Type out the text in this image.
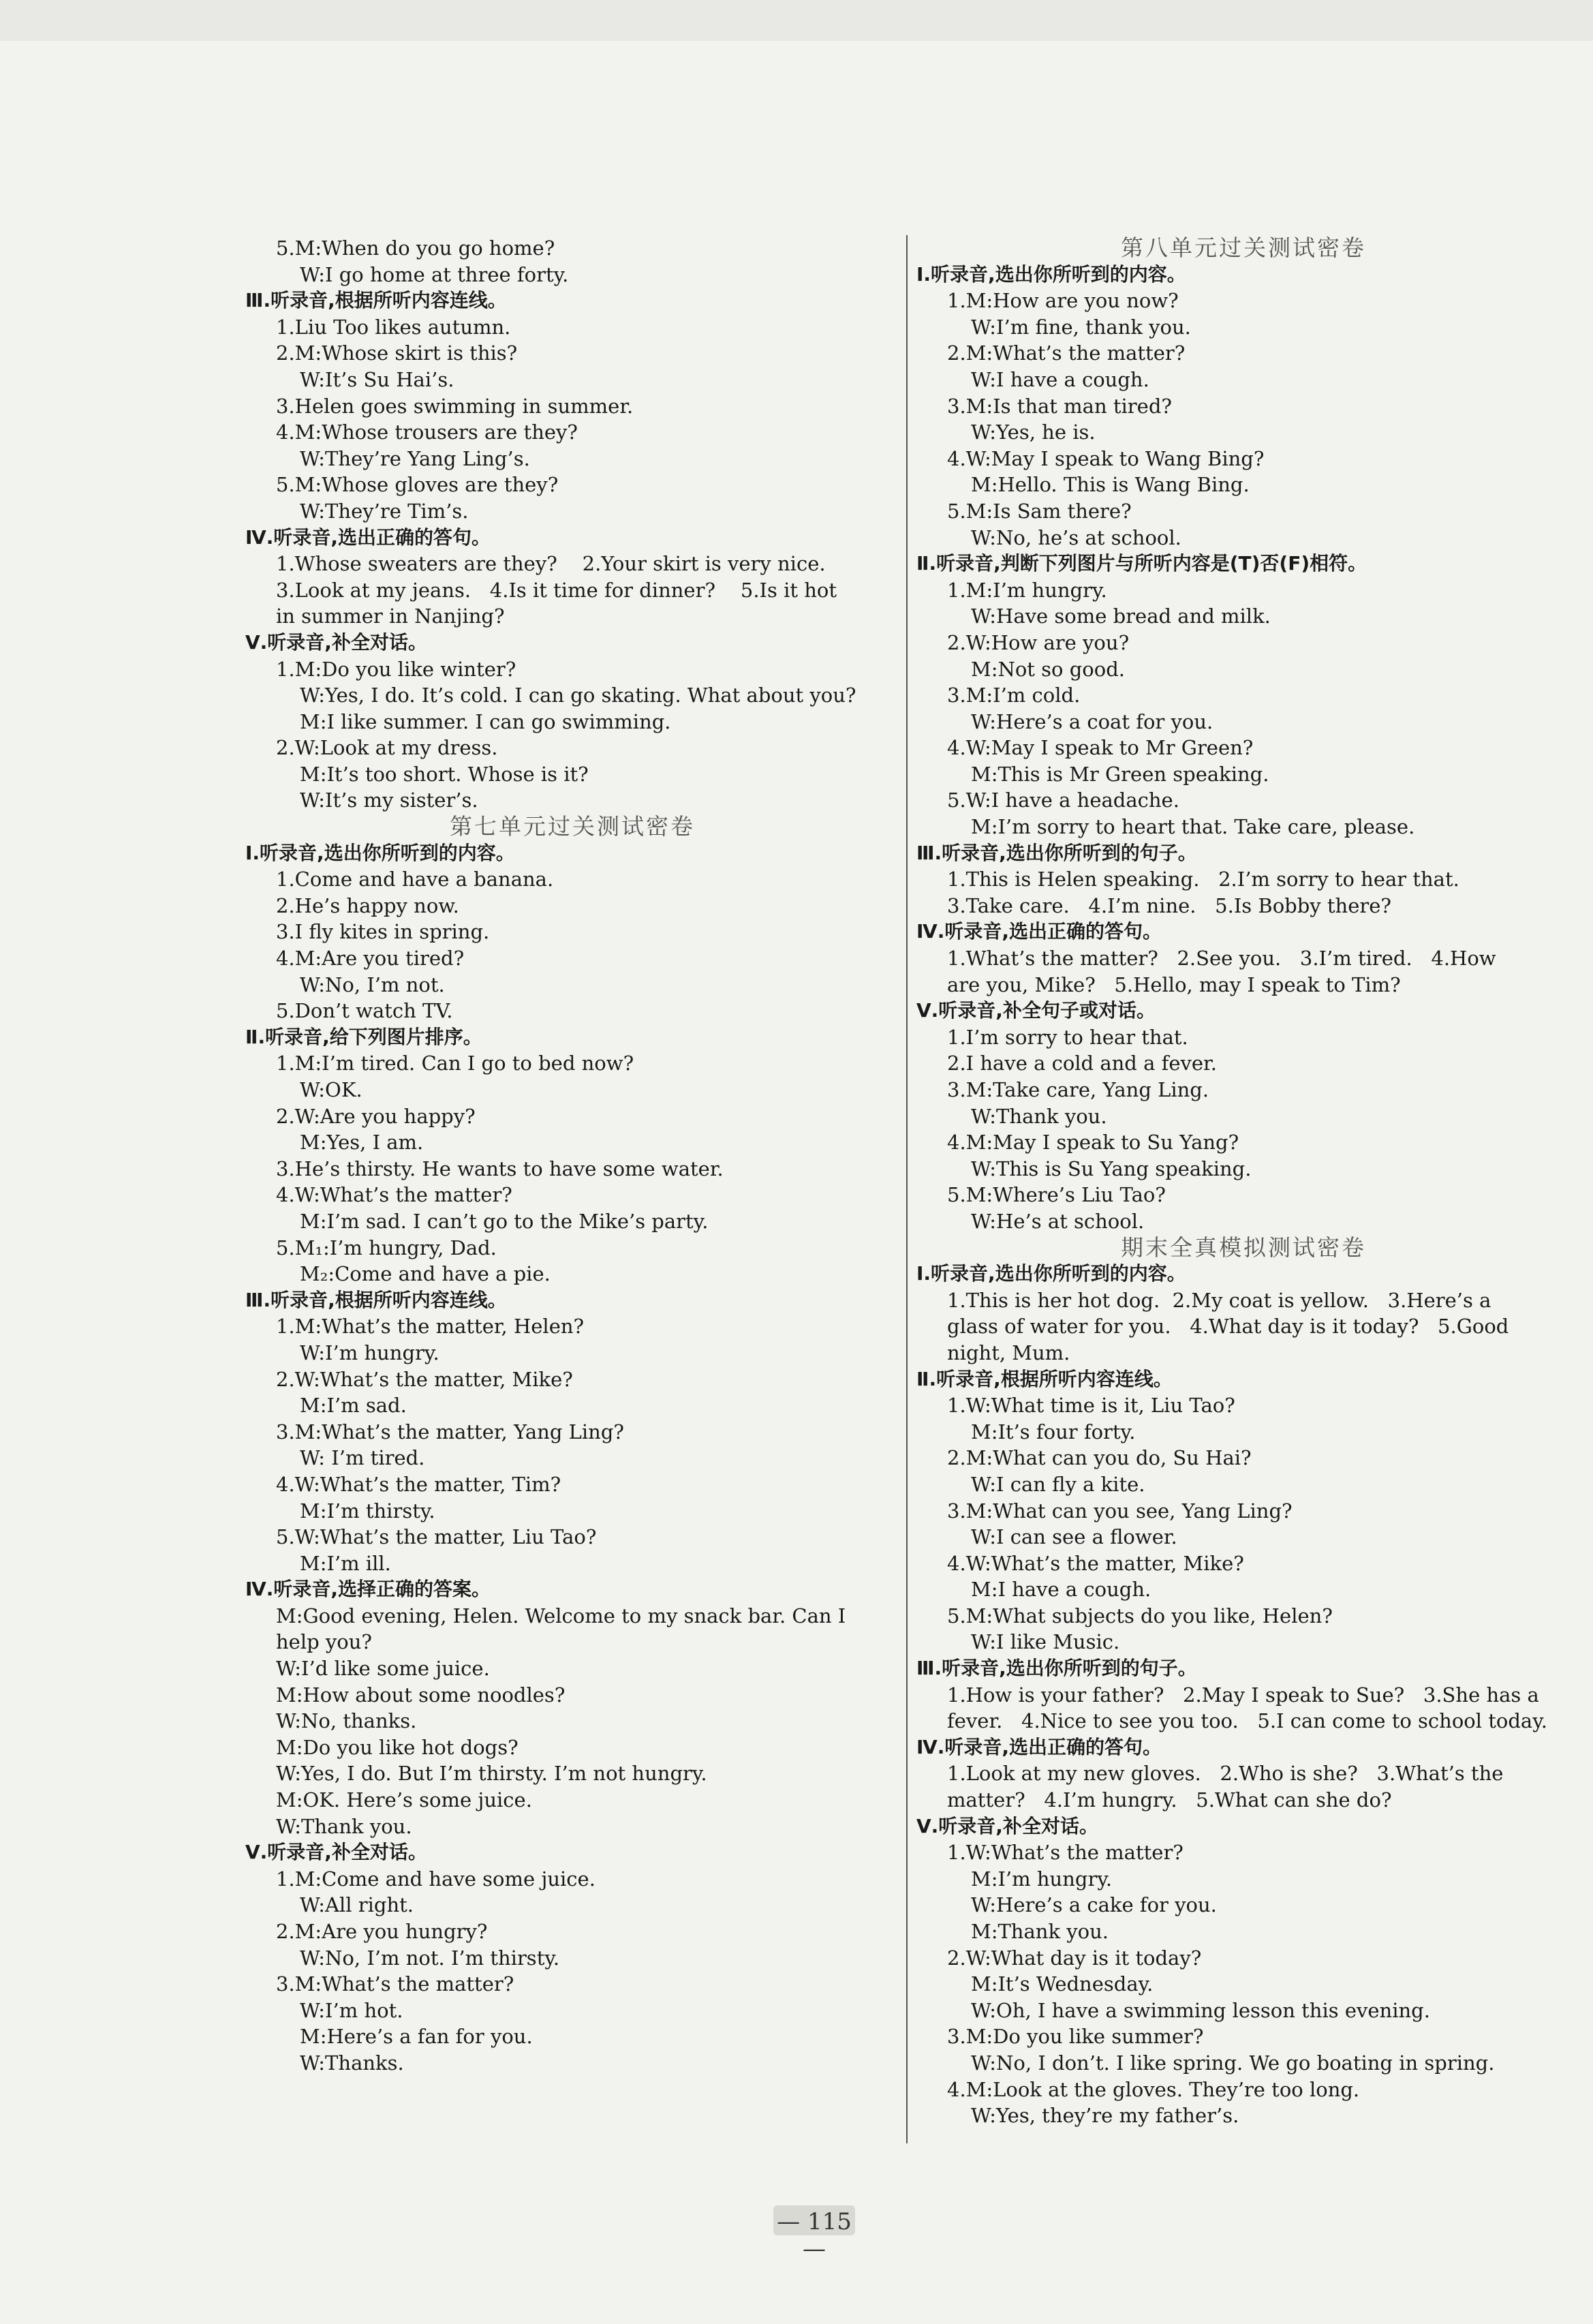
5.M:When do you go home?
W:I go home at three forty.
Ⅲ.听录音,根据所听内容连线。
1.Liu Too likes autumn.
2.M:Whose skirt is this?
W:It’s Su Hai’s.
3.Helen goes swimming in summer.
4.M:Whose trousers are they?
W:They’re Yang Ling’s.
5.M:Whose gloves are they?
W:They’re Tim’s.
Ⅳ.听录音,选出正确的答句。
1.Whose sweaters are they?    2.Your skirt is very nice.
3.Look at my jeans.   4.Is it time for dinner?    5.Is it hot
in summer in Nanjing?
Ⅴ.听录音,补全对话。
1.M:Do you like winter?
W:Yes, I do. It’s cold. I can go skating. What about you?
M:I like summer. I can go swimming.
2.W:Look at my dress.
M:It’s too short. Whose is it?
W:It’s my sister’s.
第七单元过关测试密卷
Ⅰ.听录音,选出你所听到的内容。
1.Come and have a banana.
2.He’s happy now.
3.I fly kites in spring.
4.M:Are you tired?
W:No, I’m not.
5.Don’t watch TV.
Ⅱ.听录音,给下列图片排序。
1.M:I’m tired. Can I go to bed now?
W:OK.
2.W:Are you happy?
M:Yes, I am.
3.He’s thirsty. He wants to have some water.
4.W:What’s the matter?
M:I’m sad. I can’t go to the Mike’s party.
5.M₁:I’m hungry, Dad.
M₂:Come and have a pie.
Ⅲ.听录音,根据所听内容连线。
1.M:What’s the matter, Helen?
W:I’m hungry.
2.W:What’s the matter, Mike?
M:I’m sad.
3.M:What’s the matter, Yang Ling?
W: I’m tired.
4.W:What’s the matter, Tim?
M:I’m thirsty.
5.W:What’s the matter, Liu Tao?
M:I’m ill.
Ⅳ.听录音,选择正确的答案。
M:Good evening, Helen. Welcome to my snack bar. Can I
help you?
W:I’d like some juice.
M:How about some noodles?
W:No, thanks.
M:Do you like hot dogs?
W:Yes, I do. But I’m thirsty. I’m not hungry.
M:OK. Here’s some juice.
W:Thank you.
Ⅴ.听录音,补全对话。
1.M:Come and have some juice.
W:All right.
2.M:Are you hungry?
W:No, I’m not. I’m thirsty.
3.M:What’s the matter?
W:I’m hot.
M:Here’s a fan for you.
W:Thanks.
第八单元过关测试密卷
Ⅰ.听录音,选出你所听到的内容。
1.M:How are you now?
W:I’m fine, thank you.
2.M:What’s the matter?
W:I have a cough.
3.M:Is that man tired?
W:Yes, he is.
4.W:May I speak to Wang Bing?
M:Hello. This is Wang Bing.
5.M:Is Sam there?
W:No, he’s at school.
Ⅱ.听录音,判断下列图片与所听内容是(T)否(F)相符。
1.M:I’m hungry.
W:Have some bread and milk.
2.W:How are you?
M:Not so good.
3.M:I’m cold.
W:Here’s a coat for you.
4.W:May I speak to Mr Green?
M:This is Mr Green speaking.
5.W:I have a headache.
M:I’m sorry to heart that. Take care, please.
Ⅲ.听录音,选出你所听到的句子。
1.This is Helen speaking.   2.I’m sorry to hear that.
3.Take care.   4.I’m nine.   5.Is Bobby there?
Ⅳ.听录音,选出正确的答句。
1.What’s the matter?   2.See you.   3.I’m tired.   4.How
are you, Mike?   5.Hello, may I speak to Tim?
Ⅴ.听录音,补全句子或对话。
1.I’m sorry to hear that.
2.I have a cold and a fever.
3.M:Take care, Yang Ling.
W:Thank you.
4.M:May I speak to Su Yang?
W:This is Su Yang speaking.
5.M:Where’s Liu Tao?
W:He’s at school.
期末全真模拟测试密卷
Ⅰ.听录音,选出你所听到的内容。
1.This is her hot dog.  2.My coat is yellow.   3.Here’s a
glass of water for you.   4.What day is it today?   5.Good
night, Mum.
Ⅱ.听录音,根据所听内容连线。
1.W:What time is it, Liu Tao?
M:It’s four forty.
2.M:What can you do, Su Hai?
W:I can fly a kite.
3.M:What can you see, Yang Ling?
W:I can see a flower.
4.W:What’s the matter, Mike?
M:I have a cough.
5.M:What subjects do you like, Helen?
W:I like Music.
Ⅲ.听录音,选出你所听到的句子。
1.How is your father?   2.May I speak to Sue?   3.She has a
fever.   4.Nice to see you too.   5.I can come to school today.
Ⅳ.听录音,选出正确的答句。
1.Look at my new gloves.   2.Who is she?   3.What’s the
matter?   4.I’m hungry.   5.What can she do?
Ⅴ.听录音,补全对话。
1.W:What’s the matter?
M:I’m hungry.
W:Here’s a cake for you.
M:Thank you.
2.W:What day is it today?
M:It’s Wednesday.
W:Oh, I have a swimming lesson this evening.
3.M:Do you like summer?
W:No, I don’t. I like spring. We go boating in spring.
4.M:Look at the gloves. They’re too long.
W:Yes, they’re my father’s.
— 115 —
